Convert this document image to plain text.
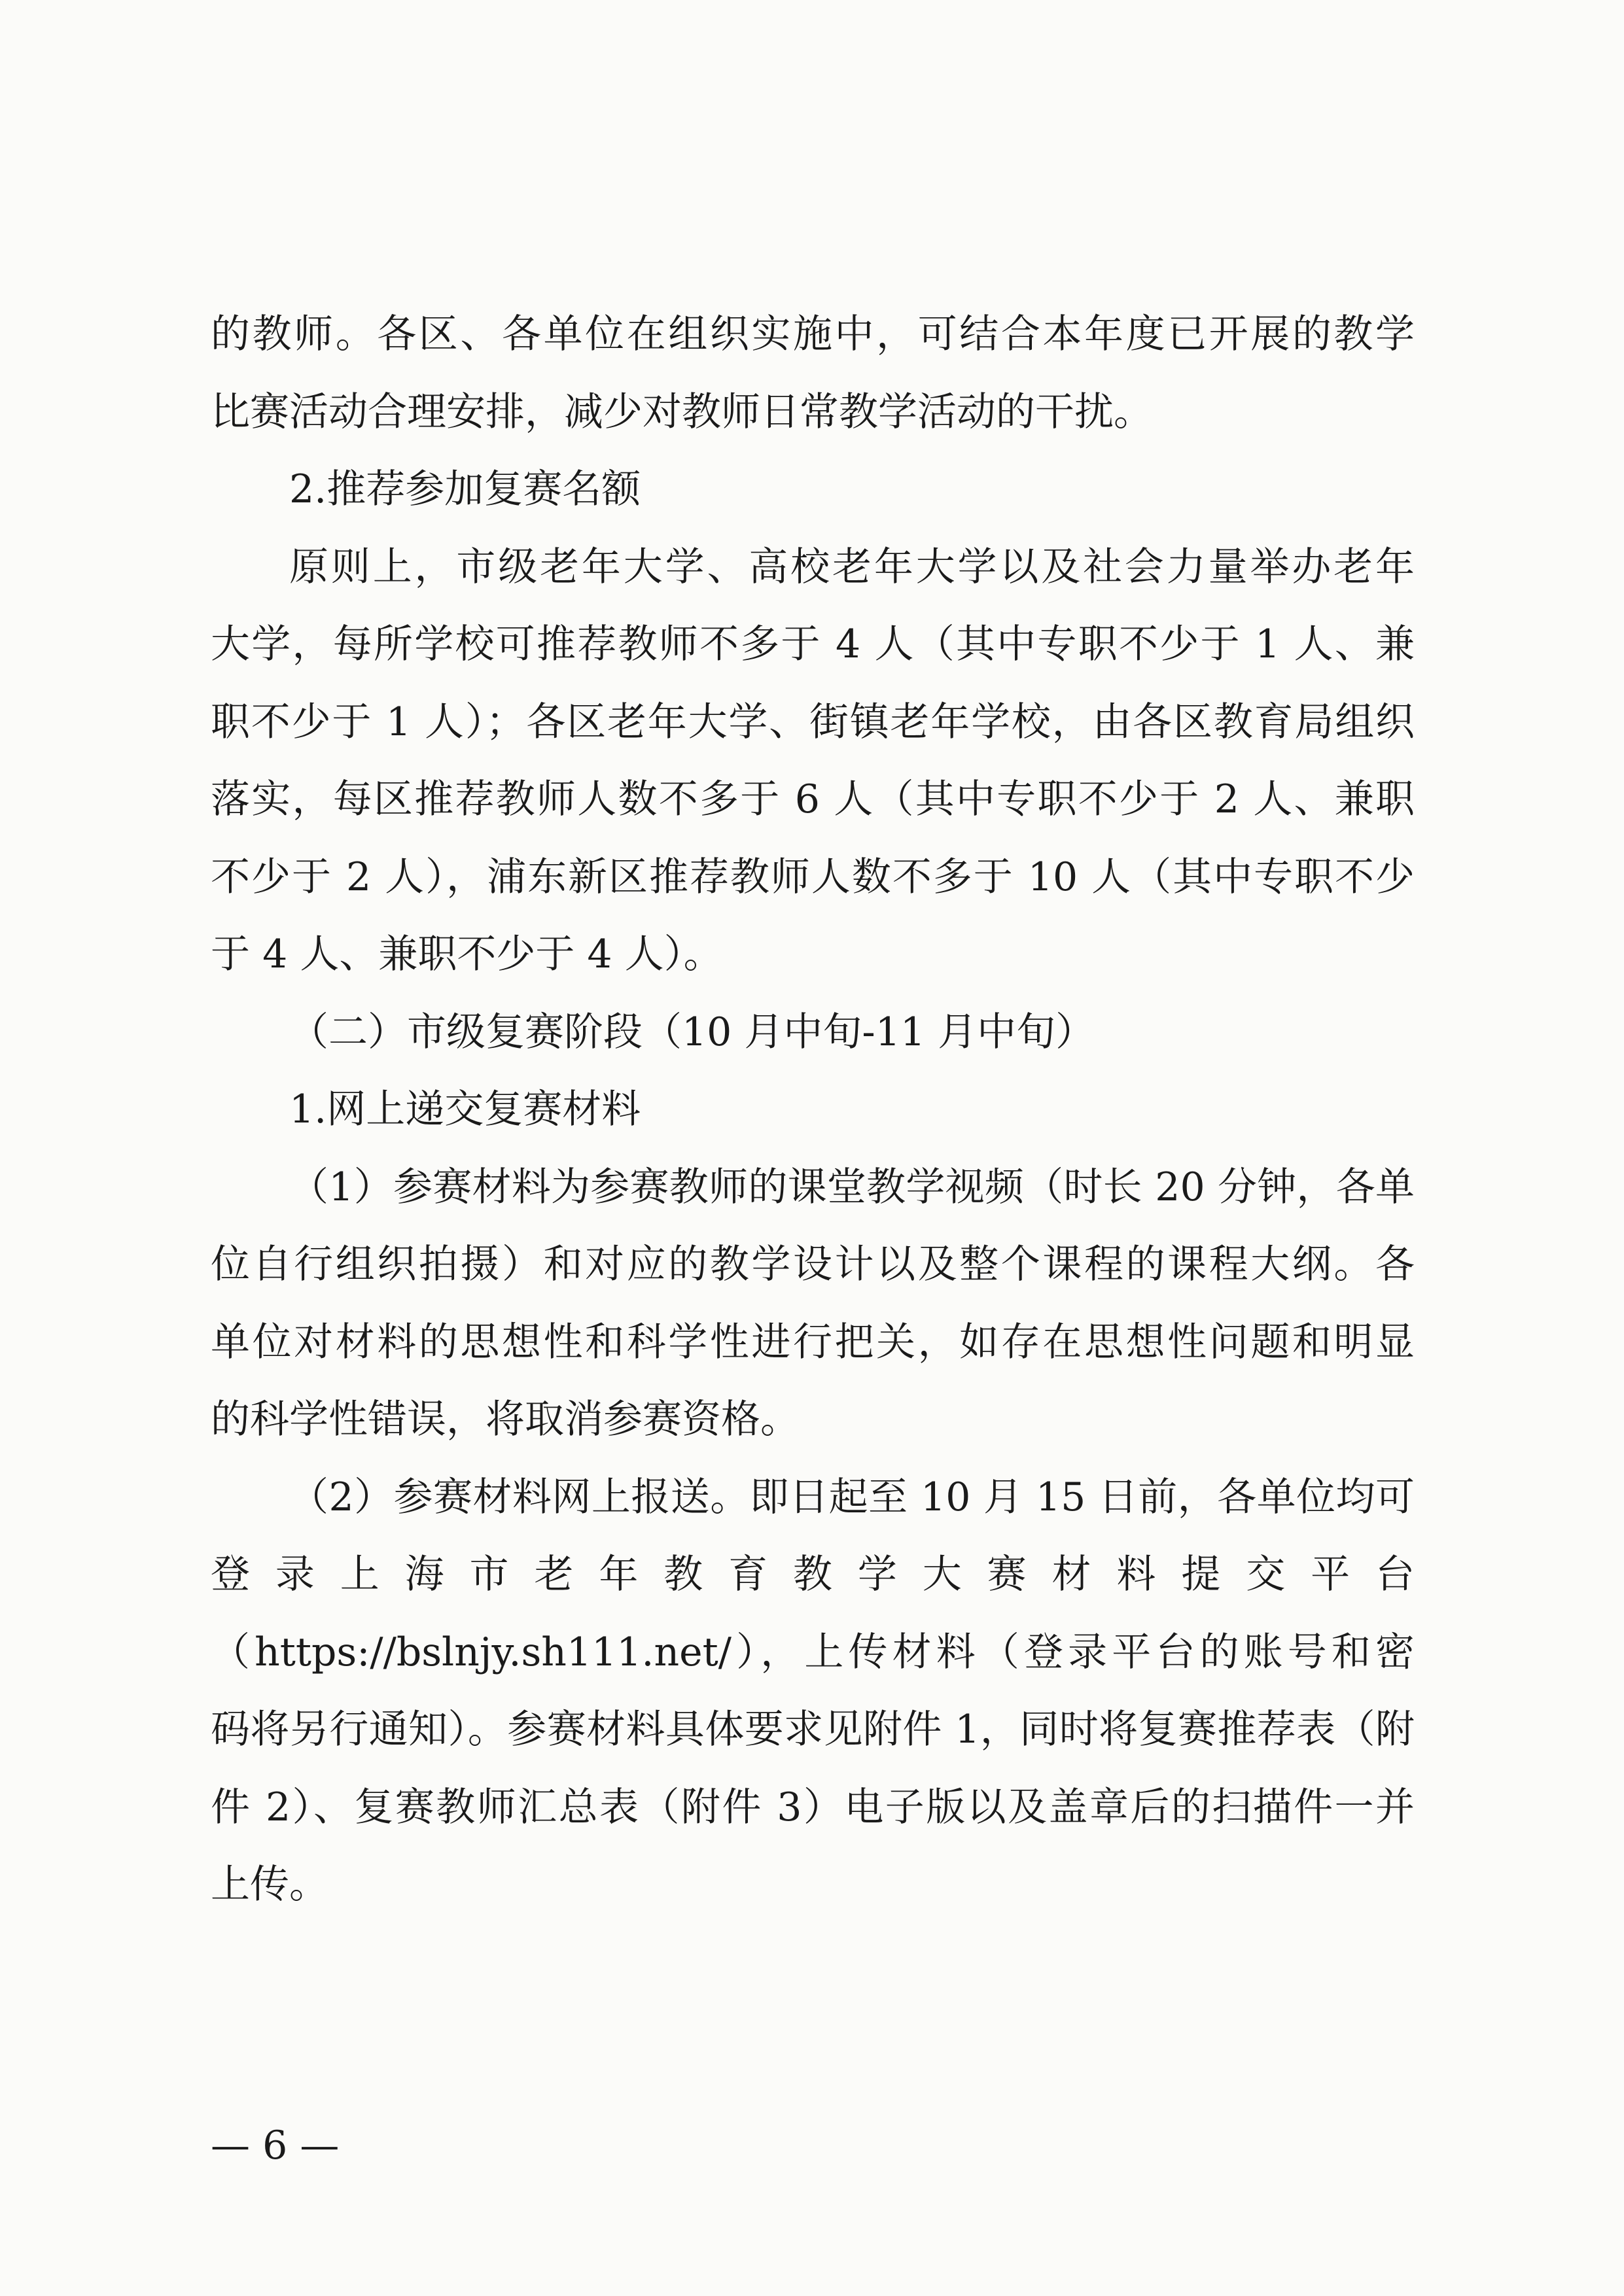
的教师。各区、各单位在组织实施中，可结合本年度已开展的教学
比赛活动合理安排，减少对教师日常教学活动的干扰。
2.推荐参加复赛名额
原则上，市级老年大学、高校老年大学以及社会力量举办老年
大学，每所学校可推荐教师不多于 4 人（其中专职不少于 1 人、兼
职不少于 1 人）；各区老年大学、街镇老年学校，由各区教育局组织
落实，每区推荐教师人数不多于 6 人（其中专职不少于 2 人、兼职
不少于 2 人），浦东新区推荐教师人数不多于 10 人（其中专职不少
于 4 人、兼职不少于 4 人）。
（二）市级复赛阶段（10 月中旬-11 月中旬）
1.网上递交复赛材料
（1）参赛材料为参赛教师的课堂教学视频（时长 20 分钟，各单
位自行组织拍摄）和对应的教学设计以及整个课程的课程大纲。各
单位对材料的思想性和科学性进行把关，如存在思想性问题和明显
的科学性错误，将取消参赛资格。
（2）参赛材料网上报送。即日起至 10 月 15 日前，各单位均可
登 录 上 海 市 老 年 教 育 教 学 大 赛 材 料 提 交 平 台
（https://bslnjy.sh111.net/），上传材料（登录平台的账号和密
码将另行通知）。参赛材料具体要求见附件 1，同时将复赛推荐表（附
件 2）、复赛教师汇总表（附件 3）电子版以及盖章后的扫描件一并
上传。
— 6 —
